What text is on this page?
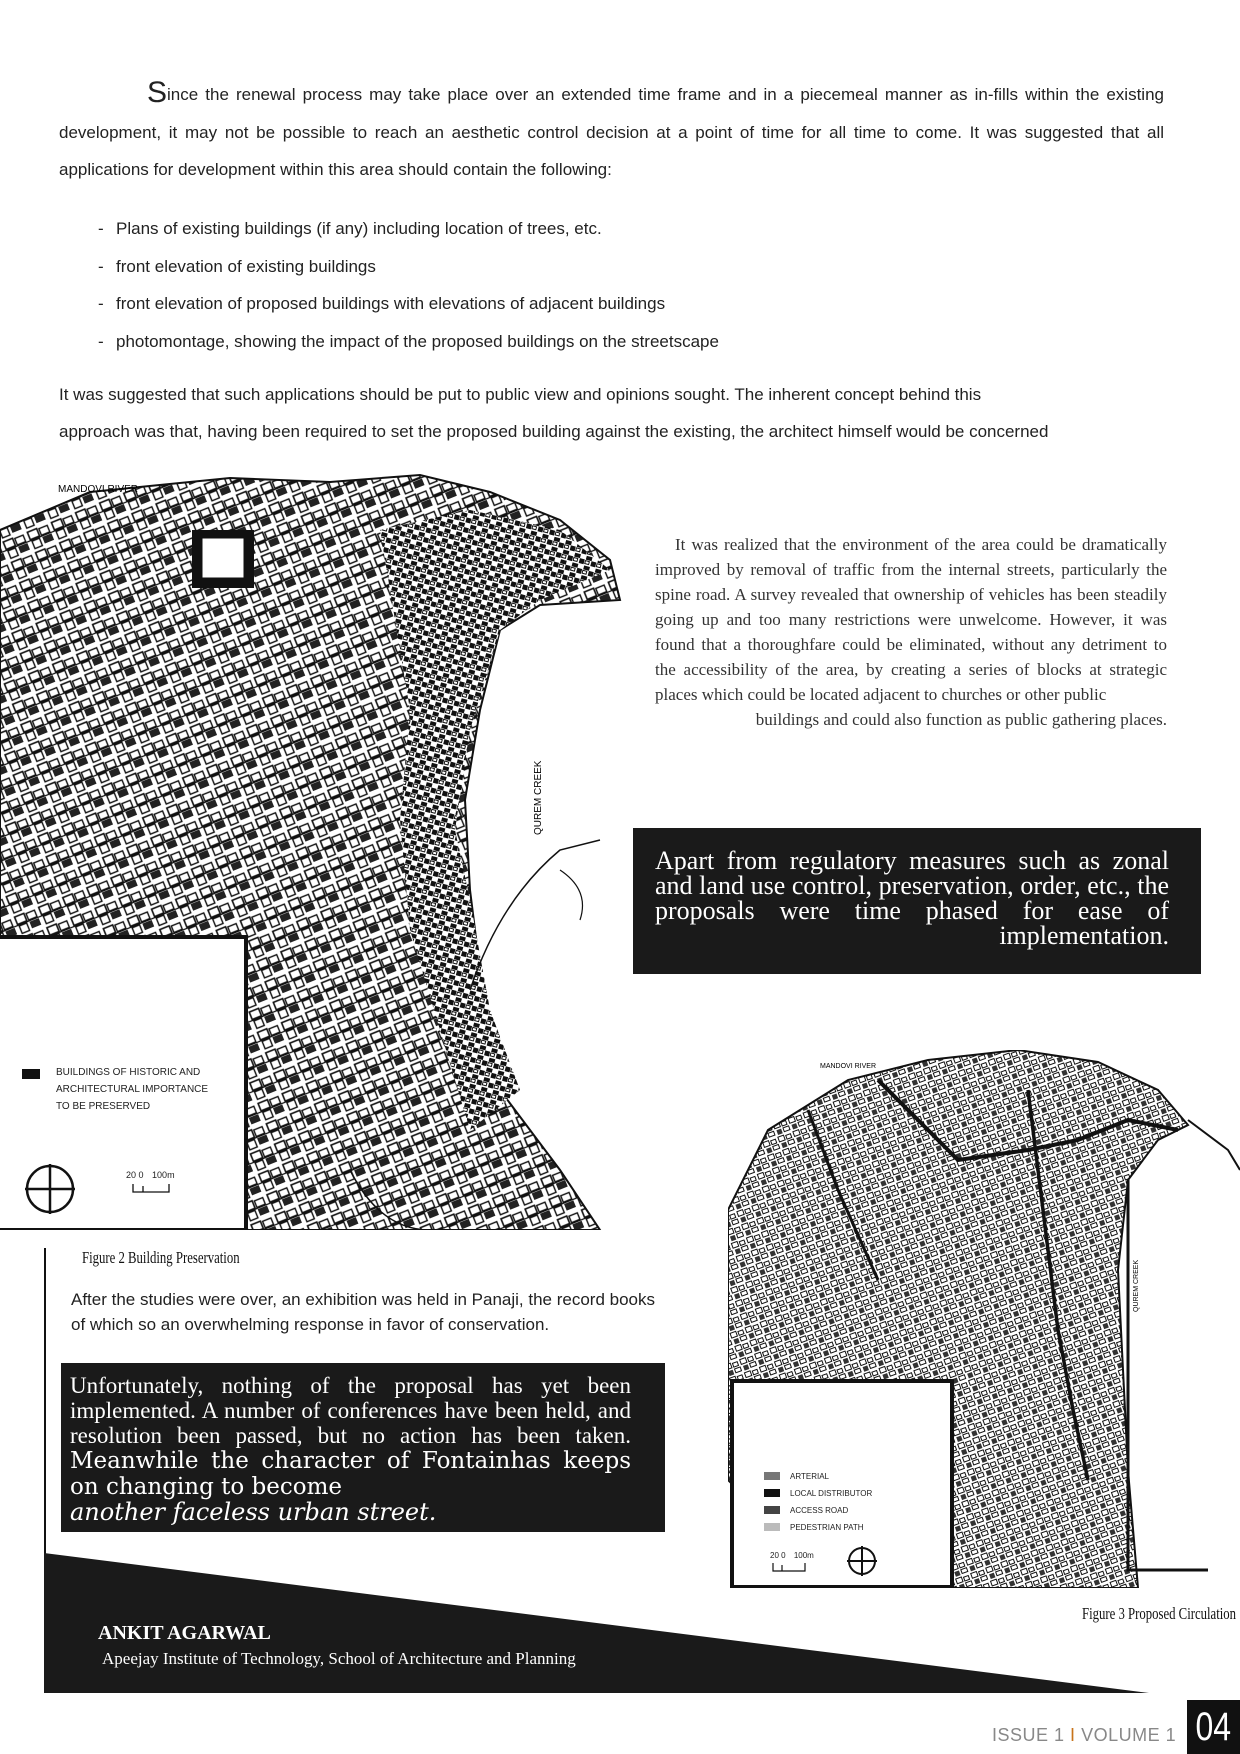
Since the renewal process may take place over an extended time frame and in a piecemeal manner as in-fills within the existing development, it may not be possible to reach an aesthetic control decision at a point of time for all time to come. It was suggested that all applications for development within this area should contain the following:
- Plans of existing buildings (if any) including location of trees, etc.
- front elevation of existing buildings
- front elevation of proposed buildings with elevations of adjacent buildings
- photomontage, showing the impact of the proposed buildings on the streetscape
It was suggested that such applications should be put to public view and opinions sought. The inherent concept behind this
approach was that, having been required to set the proposed building against the existing, the architect himself would be concerned
MANDOVI RIVER
QUREM CREEK
BUILDINGS OF HISTORIC AND
ARCHITECTURAL IMPORTANCE
TO BE PRESERVED
20 0 100m
Figure 2 Building Preservation
It was realized that the environment of the area could be dramatically improved by removal of traffic from the internal streets, particularly the spine road. A survey revealed that ownership of vehicles has been steadily going up and too many restrictions were unwelcome. However, it was found that a thoroughfare could be eliminated, without any detriment to the accessibility of the area, by creating a series of blocks at strategic places which could be located adjacent to churches or other public
buildings and could also function as public gathering places.
Apart from regulatory measures such as zonal and land use control, preservation, order, etc., the proposals were time phased for ease of implementation.
MANDOVI RIVER
QUREM CREEK
ARTERIAL
LOCAL DISTRIBUTOR
ACCESS ROAD
PEDESTRIAN PATH
20 0 100m
Figure 3 Proposed Circulation
After the studies were over, an exhibition was held in Panaji, the record books
of which so an overwhelming response in favor of conservation.
Unfortunately, nothing of the proposal has yet been implemented. A number of conferences have been held, and resolution been passed, but no action has been taken. Meanwhile the character of Fontainhas keeps on changing to become
another faceless urban street.
ANKIT AGARWAL
Apeejay Institute of Technology, School of Architecture and Planning
ISSUE 1 I VOLUME 1 04
